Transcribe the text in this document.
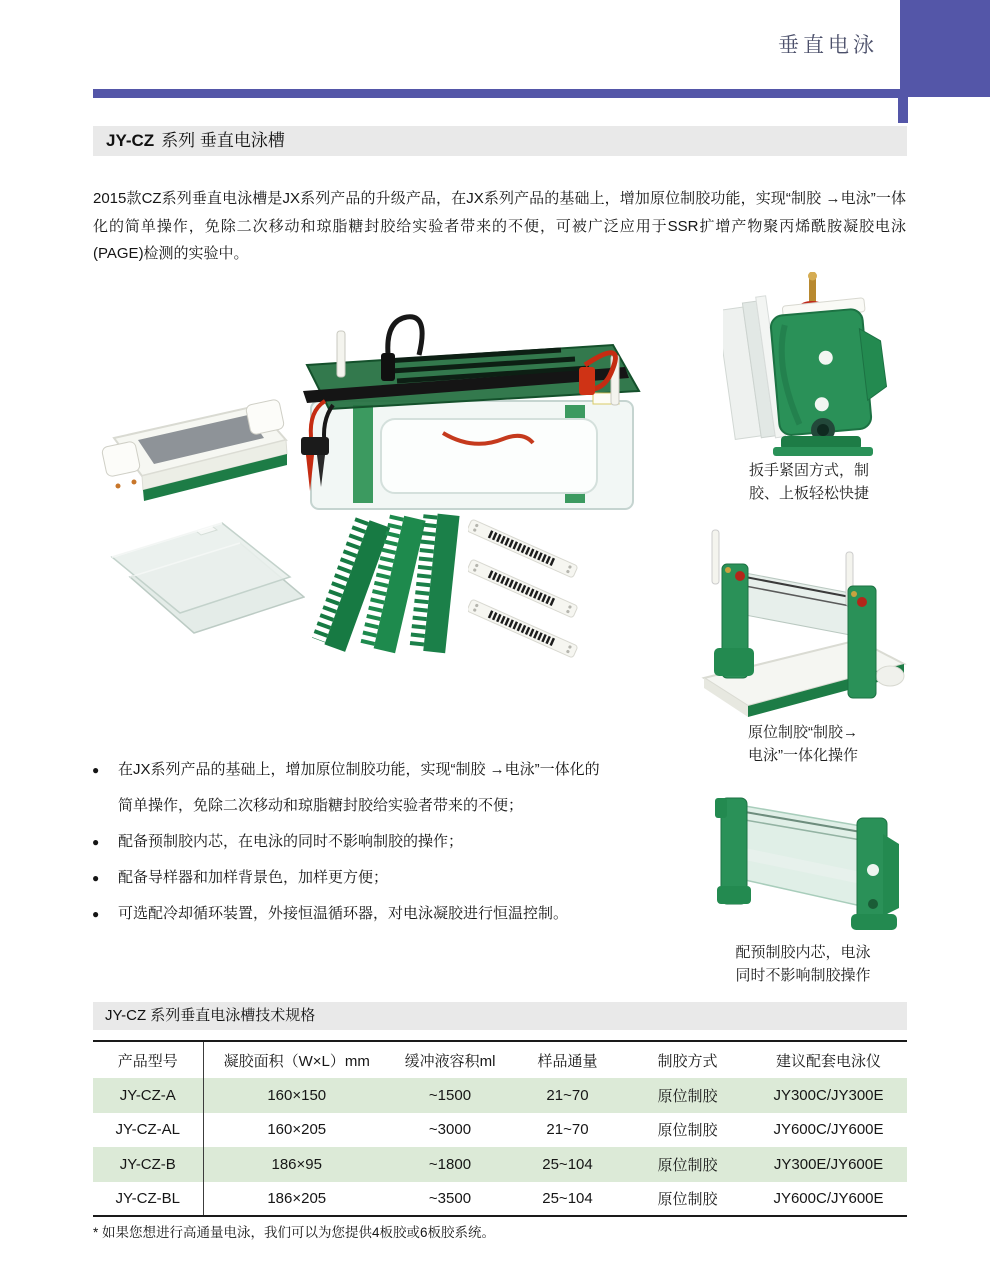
垂直电泳
JY-CZ 系列 垂直电泳槽
2015款CZ系列垂直电泳槽是JX系列产品的升级产品，在JX系列产品的基础上，增加原位制胶功能，实现“制胶 →电泳”一体化的简单操作，免除二次移动和琼脂糖封胶给实验者带来的不便，可被广泛应用于SSR扩增产物聚丙烯酰胺凝胶电泳(PAGE)检测的实验中。
扳手紧固方式，制
胶、上板轻松快捷
原位制胶“制胶→
电泳”一体化操作
配预制胶内芯，电泳
同时不影响制胶操作
● 在JX系列产品的基础上，增加原位制胶功能，实现“制胶 →电泳”一体化的简单操作，免除二次移动和琼脂糖封胶给实验者带来的不便；
● 配备预制胶内芯，在电泳的同时不影响制胶的操作；
● 配备导样器和加样背景色，加样更方便；
● 可选配冷却循环装置，外接恒温循环器，对电泳凝胶进行恒温控制。
JY-CZ 系列垂直电泳槽技术规格
产品型号	凝胶面积（W×L）mm	缓冲液容积ml	样品通量	制胶方式	建议配套电泳仪
JY-CZ-A	160×150	~1500	21~70	原位制胶	JY300C/JY300E
JY-CZ-AL	160×205	~3000	21~70	原位制胶	JY600C/JY600E
JY-CZ-B	186×95	~1800	25~104	原位制胶	JY300E/JY600E
JY-CZ-BL	186×205	~3500	25~104	原位制胶	JY600C/JY600E
* 如果您想进行高通量电泳，我们可以为您提供4板胶或6板胶系统。
